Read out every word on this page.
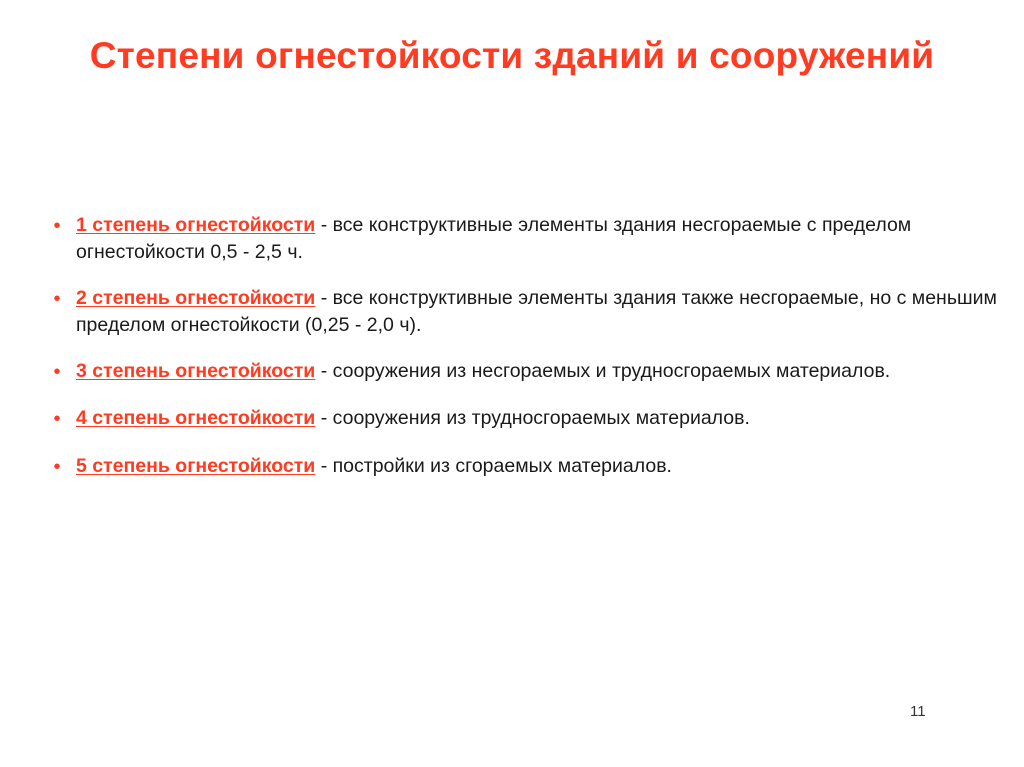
Степени огнестойкости зданий и сооружений
• 1 степень огнестойкости - все конструктивные элементы здания несгораемые с пределом огнестойкости 0,5 - 2,5 ч.
• 2 степень огнестойкости - все конструктивные элементы здания также несгораемые, но с меньшим пределом огнестойкости (0,25 - 2,0 ч).
• 3 степень огнестойкости - сооружения из несгораемых и трудносгораемых материалов.
• 4 степень огнестойкости - сооружения из трудносгораемых материалов.
• 5 степень огнестойкости - постройки из сгораемых материалов.
11
